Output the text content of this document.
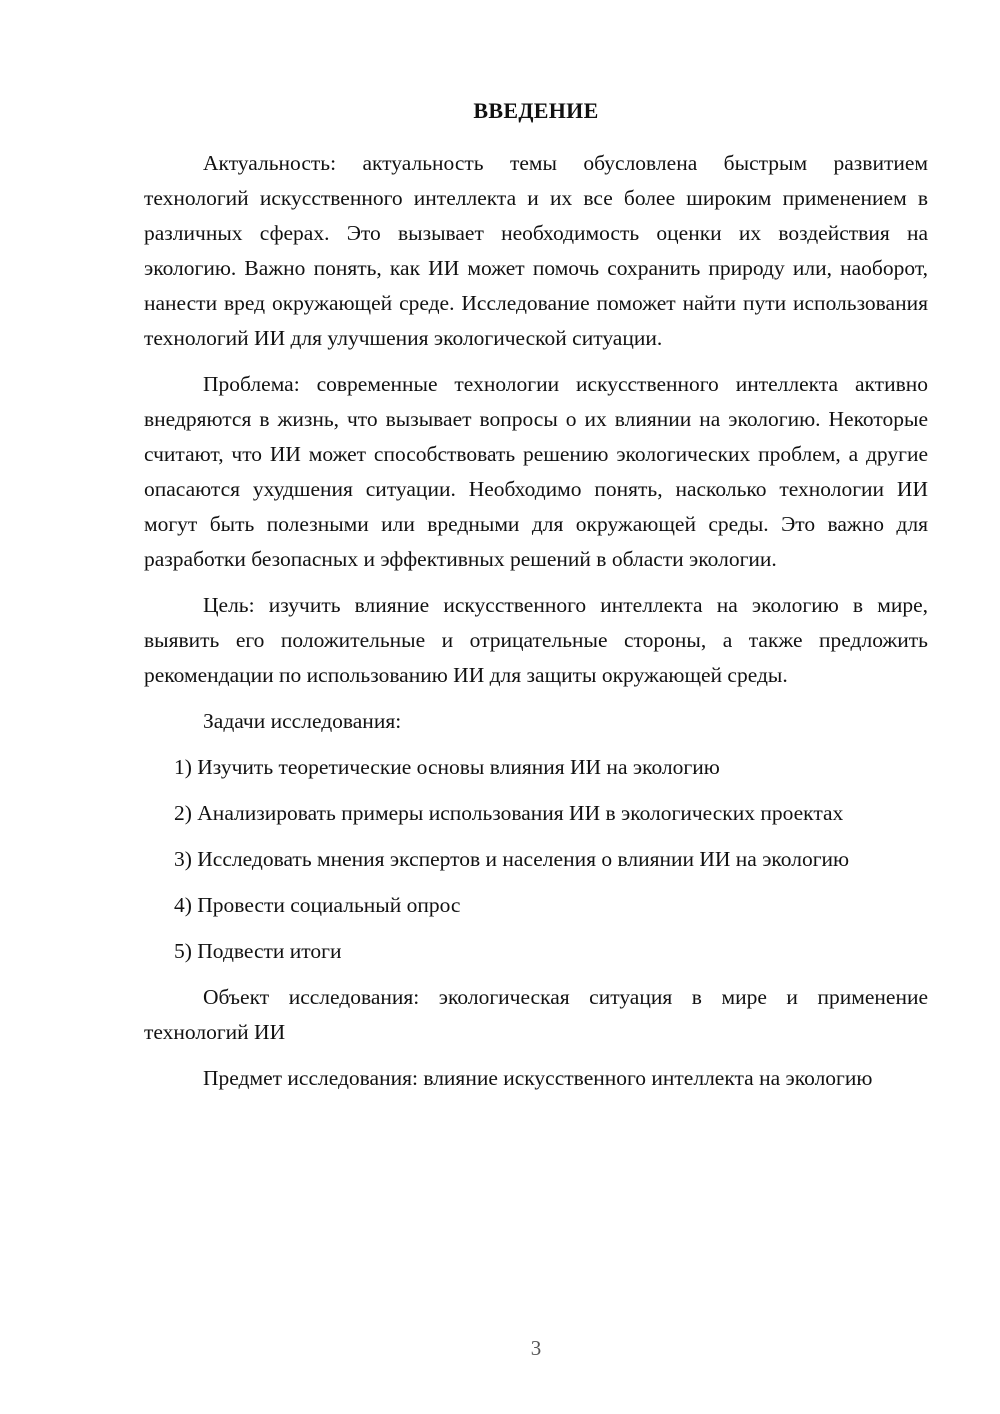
ВВЕДЕНИЕ

Актуальность: актуальность темы обусловлена быстрым развитием технологий искусственного интеллекта и их все более широким применением в различных сферах. Это вызывает необходимость оценки их воздействия на экологию. Важно понять, как ИИ может помочь сохранить природу или, наоборот, нанести вред окружающей среде. Исследование поможет найти пути использования технологий ИИ для улучшения экологической ситуации.

Проблема: современные технологии искусственного интеллекта активно внедряются в жизнь, что вызывает вопросы о их влиянии на экологию. Некоторые считают, что ИИ может способствовать решению экологических проблем, а другие опасаются ухудшения ситуации. Необходимо понять, насколько технологии ИИ могут быть полезными или вредными для окружающей среды. Это важно для разработки безопасных и эффективных решений в области экологии.

Цель: изучить влияние искусственного интеллекта на экологию в мире, выявить его положительные и отрицательные стороны, а также предложить рекомендации по использованию ИИ для защиты окружающей среды.

Задачи исследования:

1) Изучить теоретические основы влияния ИИ на экологию

2) Анализировать примеры использования ИИ в экологических проектах

3) Исследовать мнения экспертов и населения о влиянии ИИ на экологию

4) Провести социальный опрос

5) Подвести итоги

Объект исследования: экологическая ситуация в мире и применение технологий ИИ

Предмет исследования: влияние искусственного интеллекта на экологию

3
